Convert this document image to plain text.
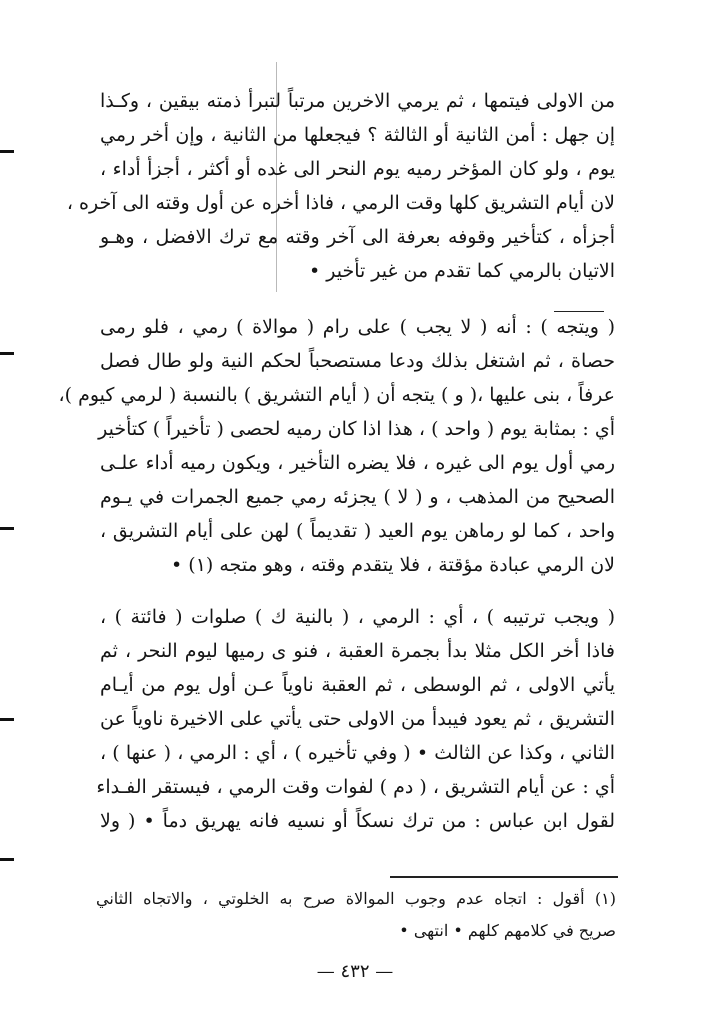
من الاولى فيتمها ، ثم يرمي الاخرين مرتباً لتبرأ ذمته بيقين ، وكـذا
إن جهل : أمن الثانية أو الثالثة ؟ فيجعلها من الثانية ، وإن أخر رمي
يوم ، ولو كان المؤخر رميه يوم النحر الى غده أو أكثر ، أجزأ أداء ،
لان أيام التشريق كلها وقت الرمي ، فاذا أخره عن أول وقته الى آخره ،
أجزأه ، كتأخير وقوفه بعرفة الى آخر وقته مع ترك الافضل ، وهـو
الاتيان بالرمي كما تقدم من غير تأخير •
( ويتجه ) : أنه ( لا يجب ) على رام ( موالاة ) رمي ، فلو رمى
حصاة ، ثم اشتغل بذلك ودعا مستصحباً لحكم النية ولو طال فصل
عرفاً ، بنى عليها ،( و ) يتجه أن ( أيام التشريق ) بالنسبة ( لرمي كيوم )،
أي : بمثابة يوم ( واحد ) ، هذا اذا كان رميه لحصى ( تأخيراً ) كتأخير
رمي أول يوم الى غيره ، فلا يضره التأخير ، ويكون رميه أداء علـى
الصحيح من المذهب ، و ( لا ) يجزئه رمي جميع الجمرات في يـوم
واحد ، كما لو رماهن يوم العيد ( تقديماً ) لهن على أيام التشريق ،
لان الرمي عبادة مؤقتة ، فلا يتقدم وقته ، وهو متجه (١) •
( ويجب ترتيبه ) ، أي : الرمي ، ( بالنية ك ) صلوات ( فائتة ) ،
فاذا أخر الكل مثلا بدأ بجمرة العقبة ، فنو ى رميها ليوم النحر ، ثم
يأتي الاولى ، ثم الوسطى ، ثم العقبة ناوياً عـن أول يوم من أيـام
التشريق ، ثم يعود فيبدأ من الاولى حتى يأتي على الاخيرة ناوياً عن
الثاني ، وكذا عن الثالث • ( وفي تأخيره ) ، أي : الرمي ، ( عنها ) ،
أي : عن أيام التشريق ، ( دم ) لفوات وقت الرمي ، فيستقر الفـداء
لقول ابن عباس : من ترك نسكاً أو نسيه فانه يهريق دماً • ( ولا
(١) أقول : اتجاه عدم وجوب الموالاة صرح به الخلوتي ، والاتجاه الثاني
صريح في كلامهم كلهم • انتهى •
— ٤٣٢ —
